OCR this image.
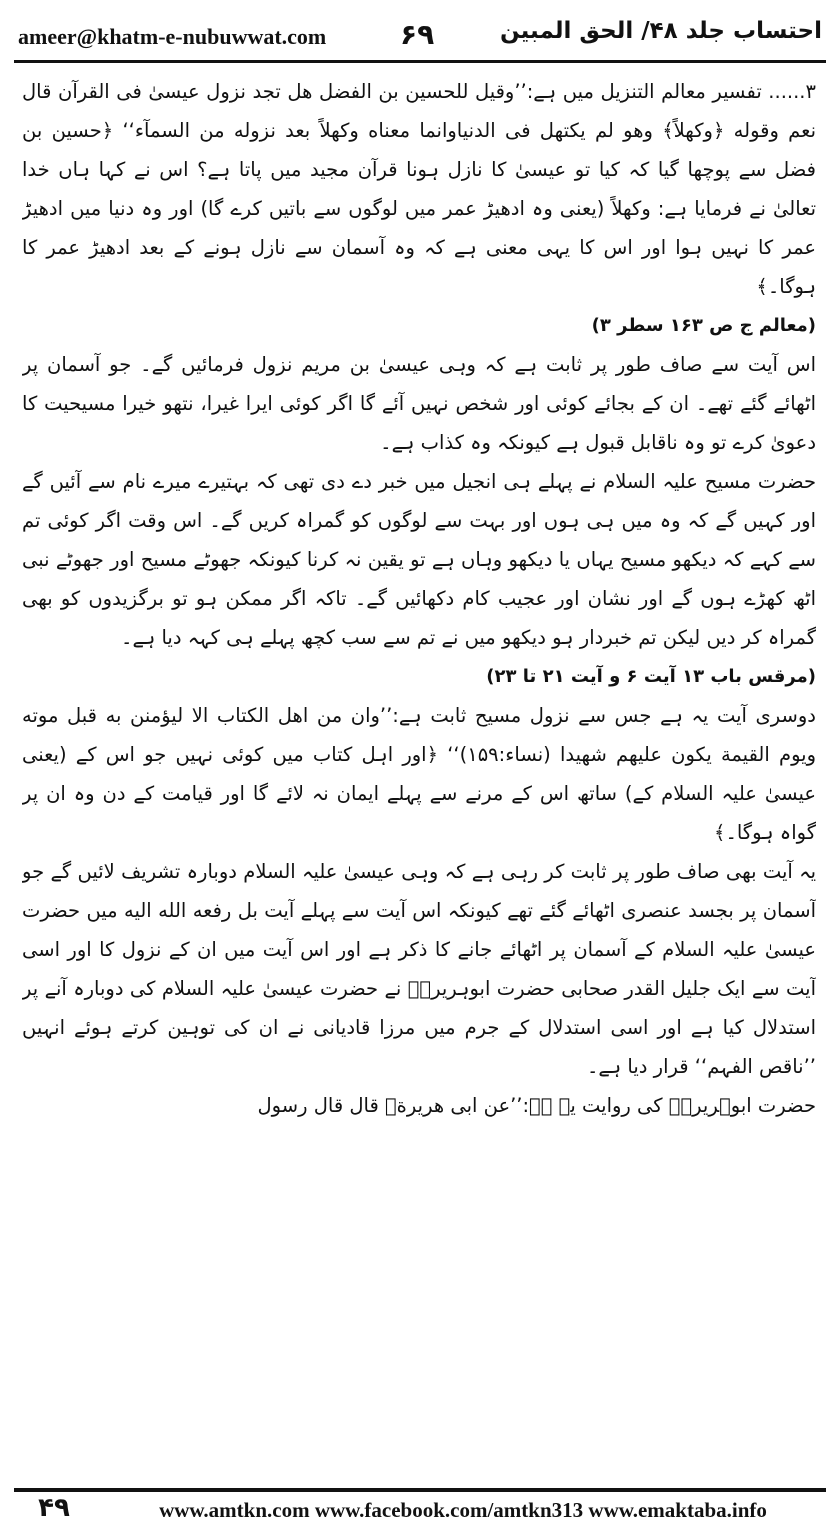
ameer@khatm-e-nubuwwat.com	۶۹	احتساب جلد ۴۸/ الحق المبین

۳...... تفسیر معالم التنزیل میں ہے:’’وقیل للحسین بن الفضل هل تجد نزول عیسیٰ فی القرآن قال نعم وقوله ﴿وکهلاً﴾ وهو لم یکتهل فی الدنیاوانما معناه وکهلاً بعد نزوله من السمآء‘‘ ﴿حسین بن فضل سے پوچھا گیا کہ کیا تو عیسیٰ کا نازل ہونا قرآن مجید میں پاتا ہے؟ اس نے کہا ہاں خدا تعالیٰ نے فرمایا ہے: وکھلاً (یعنی وہ ادھیڑ عمر میں لوگوں سے باتیں کرے گا) اور وہ دنیا میں ادھیڑ عمر کا نہیں ہوا اور اس کا یہی معنی ہے کہ وہ آسمان سے نازل ہونے کے بعد ادھیڑ عمر کا ہوگا۔﴾

(معالم ج ص ۱۶۳ سطر ۳)

اس آیت سے صاف طور پر ثابت ہے کہ وہی عیسیٰ بن مریم نزول فرمائیں گے۔ جو آسمان پر اٹھائے گئے تھے۔ ان کے بجائے کوئی اور شخص نہیں آئے گا اگر کوئی ایرا غیرا، نتھو خیرا مسیحیت کا دعویٰ کرے تو وہ ناقابل قبول ہے کیونکہ وہ کذاب ہے۔

حضرت مسیح علیہ السلام نے پہلے ہی انجیل میں خبر دے دی تھی کہ بہتیرے میرے نام سے آئیں گے اور کہیں گے کہ وہ میں ہی ہوں اور بہت سے لوگوں کو گمراہ کریں گے۔ اس وقت اگر کوئی تم سے کہے کہ دیکھو مسیح یہاں یا دیکھو وہاں ہے تو یقین نہ کرنا کیونکہ جھوٹے مسیح اور جھوٹے نبی اٹھ کھڑے ہوں گے اور نشان اور عجیب کام دکھائیں گے۔ تاکہ اگر ممکن ہو تو برگزیدوں کو بھی گمراہ کر دیں لیکن تم خبردار ہو دیکھو میں نے تم سے سب کچھ پہلے ہی کہہ دیا ہے۔

(مرقس باب ۱۳ آیت ۶ و آیت ۲۱ تا ۲۳)

دوسری آیت یہ ہے جس سے نزول مسیح ثابت ہے:’’وان من اهل الکتاب الا لیؤمنن به قبل موته ویوم القیمة یکون علیهم شهیدا (نساء:۱۵۹)‘‘ ﴿اور اہل کتاب میں کوئی نہیں جو اس کے (یعنی عیسیٰ علیہ السلام کے) ساتھ اس کے مرنے سے پہلے ایمان نہ لائے گا اور قیامت کے دن وہ ان پر گواہ ہوگا۔﴾

یہ آیت بھی صاف طور پر ثابت کر رہی ہے کہ وہی عیسیٰ علیہ السلام دوبارہ تشریف لائیں گے جو آسمان پر بجسد عنصری اٹھائے گئے تھے کیونکہ اس آیت سے پہلے آیت بل رفعه الله الیه میں حضرت عیسیٰ علیہ السلام کے آسمان پر اٹھائے جانے کا ذکر ہے اور اس آیت میں ان کے نزول کا اور اسی آیت سے ایک جلیل القدر صحابی حضرت ابوہریرہؓ نے حضرت عیسیٰ علیہ السلام کی دوبارہ آنے پر استدلال کیا ہے اور اسی استدلال کے جرم میں مرزا قادیانی نے ان کی توہین کرتے ہوئے انہیں ’’ناقص الفہم‘‘ قرار دیا ہے۔

حضرت ابوہریرہؓ کی روایت یہ ہے:’’عن ابی هریرةؓ قال قال رسول

۴۹	www.amtkn.com www.facebook.com/amtkn313 www.emaktaba.info
